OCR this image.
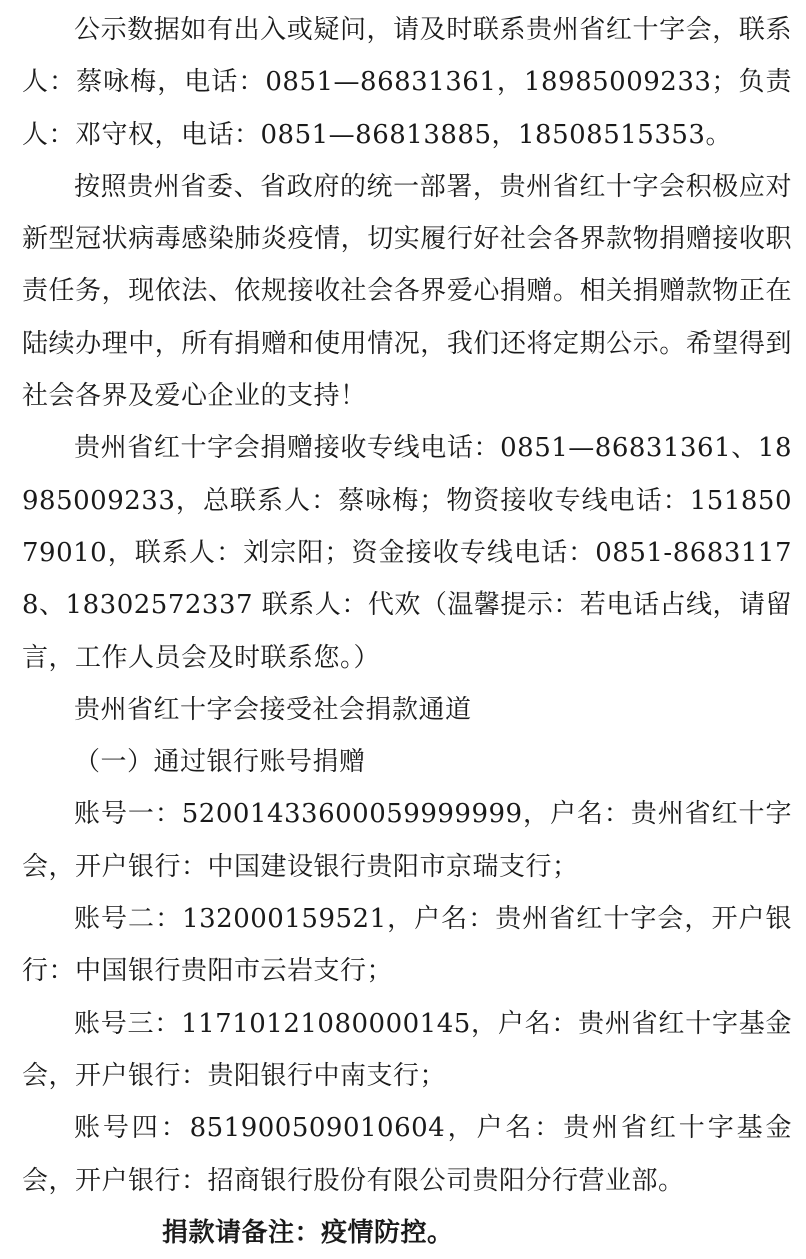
公示数据如有出入或疑问，请及时联系贵州省红十字会，联系人：蔡咏梅，电话：0851—86831361，18985009233；负责人：邓守权，电话：0851—86813885，18508515353。

按照贵州省委、省政府的统一部署，贵州省红十字会积极应对新型冠状病毒感染肺炎疫情，切实履行好社会各界款物捐赠接收职责任务，现依法、依规接收社会各界爱心捐赠。相关捐赠款物正在陆续办理中，所有捐赠和使用情况，我们还将定期公示。希望得到社会各界及爱心企业的支持！

贵州省红十字会捐赠接收专线电话：0851—86831361、18985009233，总联系人：蔡咏梅；物资接收专线电话：15185079010，联系人：刘宗阳；资金接收专线电话：0851-86831178、18302572337 联系人：代欢（温馨提示：若电话占线，请留言，工作人员会及时联系您。）

贵州省红十字会接受社会捐款通道

（一）通过银行账号捐赠

账号一：52001433600059999999，户名：贵州省红十字会，开户银行：中国建设银行贵阳市京瑞支行；

账号二：132000159521，户名：贵州省红十字会，开户银行：中国银行贵阳市云岩支行；

账号三：11710121080000145，户名：贵州省红十字基金会，开户银行：贵阳银行中南支行；

账号四：851900509010604，户名：贵州省红十字基金会，开户银行：招商银行股份有限公司贵阳分行营业部。

捐款请备注：疫情防控。
